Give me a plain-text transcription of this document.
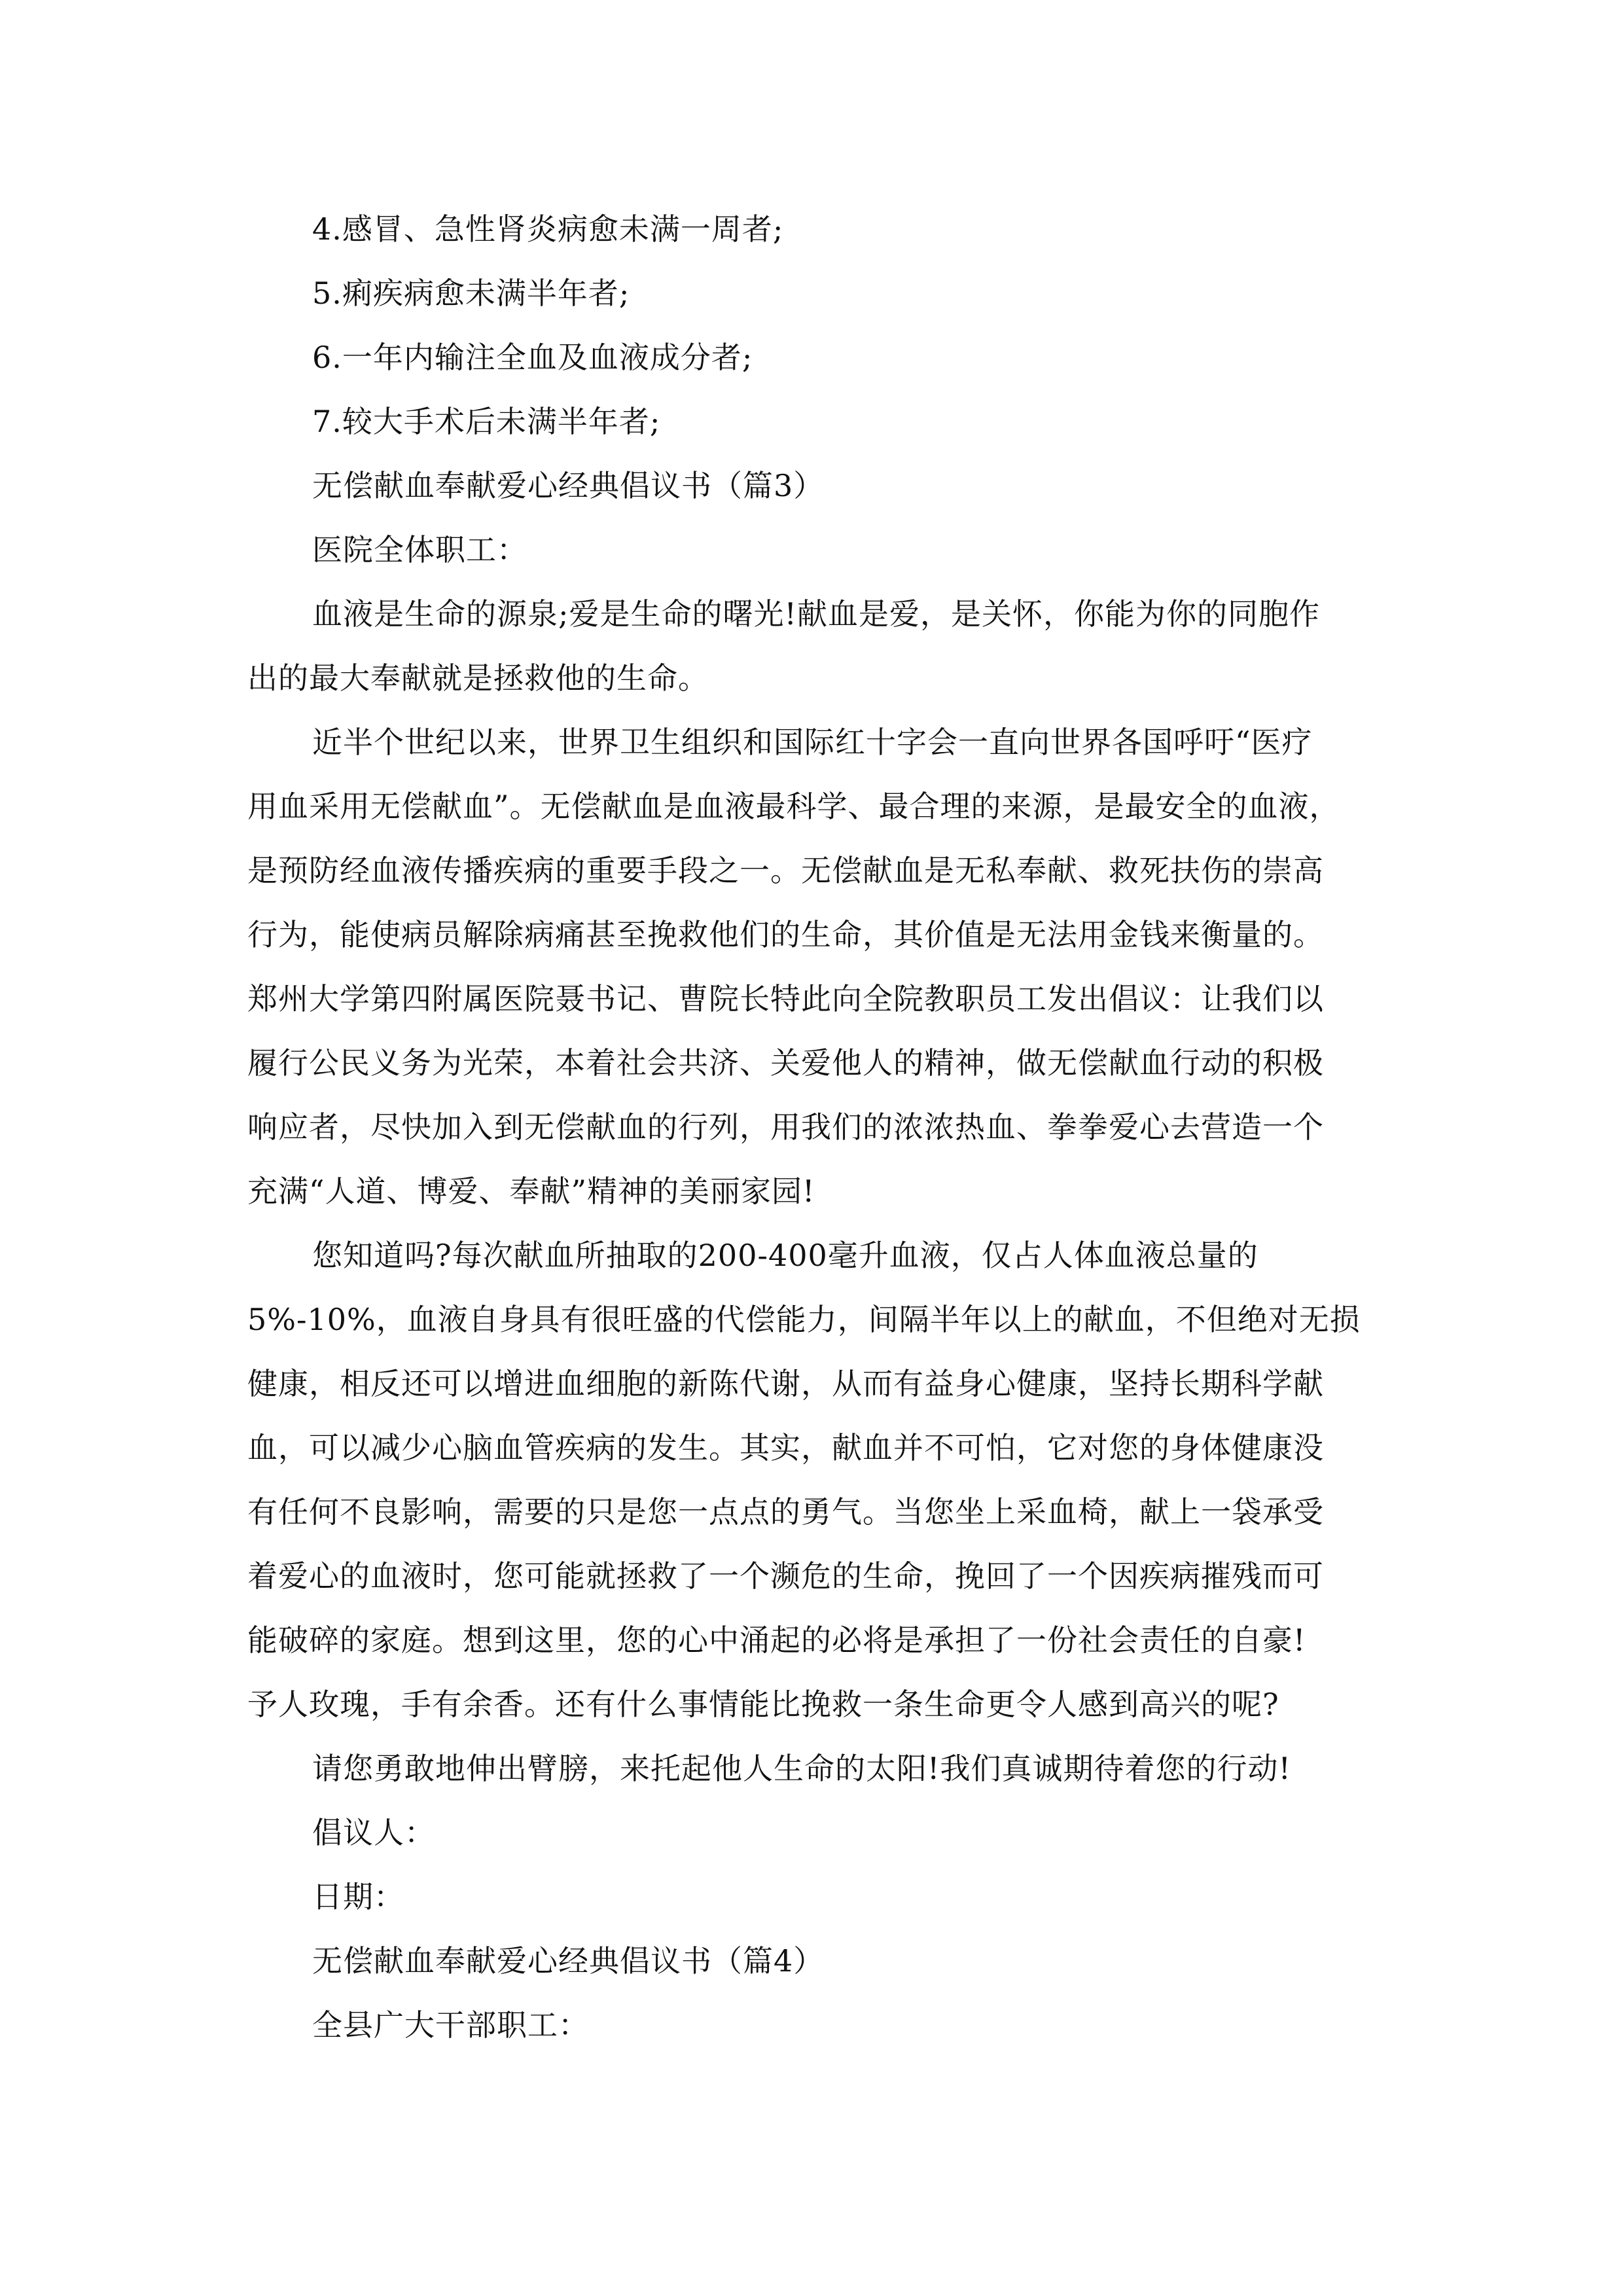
4.感冒、急性肾炎病愈未满一周者;
5.痢疾病愈未满半年者;
6.一年内输注全血及血液成分者;
7.较大手术后未满半年者;
无偿献血奉献爱心经典倡议书（篇3）
医院全体职工：
血液是生命的源泉;爱是生命的曙光!献血是爱，是关怀，你能为你的同胞作
出的最大奉献就是拯救他的生命。
近半个世纪以来，世界卫生组织和国际红十字会一直向世界各国呼吁“医疗
用血采用无偿献血”。无偿献血是血液最科学、最合理的来源，是最安全的血液，
是预防经血液传播疾病的重要手段之一。无偿献血是无私奉献、救死扶伤的崇高
行为，能使病员解除病痛甚至挽救他们的生命，其价值是无法用金钱来衡量的。
郑州大学第四附属医院聂书记、曹院长特此向全院教职员工发出倡议：让我们以
履行公民义务为光荣，本着社会共济、关爱他人的精神，做无偿献血行动的积极
响应者，尽快加入到无偿献血的行列，用我们的浓浓热血、拳拳爱心去营造一个
充满“人道、博爱、奉献”精神的美丽家园!
您知道吗?每次献血所抽取的200-400毫升血液，仅占人体血液总量的
5%-10%，血液自身具有很旺盛的代偿能力，间隔半年以上的献血，不但绝对无损
健康，相反还可以增进血细胞的新陈代谢，从而有益身心健康，坚持长期科学献
血，可以减少心脑血管疾病的发生。其实，献血并不可怕，它对您的身体健康没
有任何不良影响，需要的只是您一点点的勇气。当您坐上采血椅，献上一袋承受
着爱心的血液时，您可能就拯救了一个濒危的生命，挽回了一个因疾病摧残而可
能破碎的家庭。想到这里，您的心中涌起的必将是承担了一份社会责任的自豪!
予人玫瑰，手有余香。还有什么事情能比挽救一条生命更令人感到高兴的呢?
请您勇敢地伸出臂膀，来托起他人生命的太阳!我们真诚期待着您的行动!
倡议人：
日期：
无偿献血奉献爱心经典倡议书（篇4）
全县广大干部职工：
